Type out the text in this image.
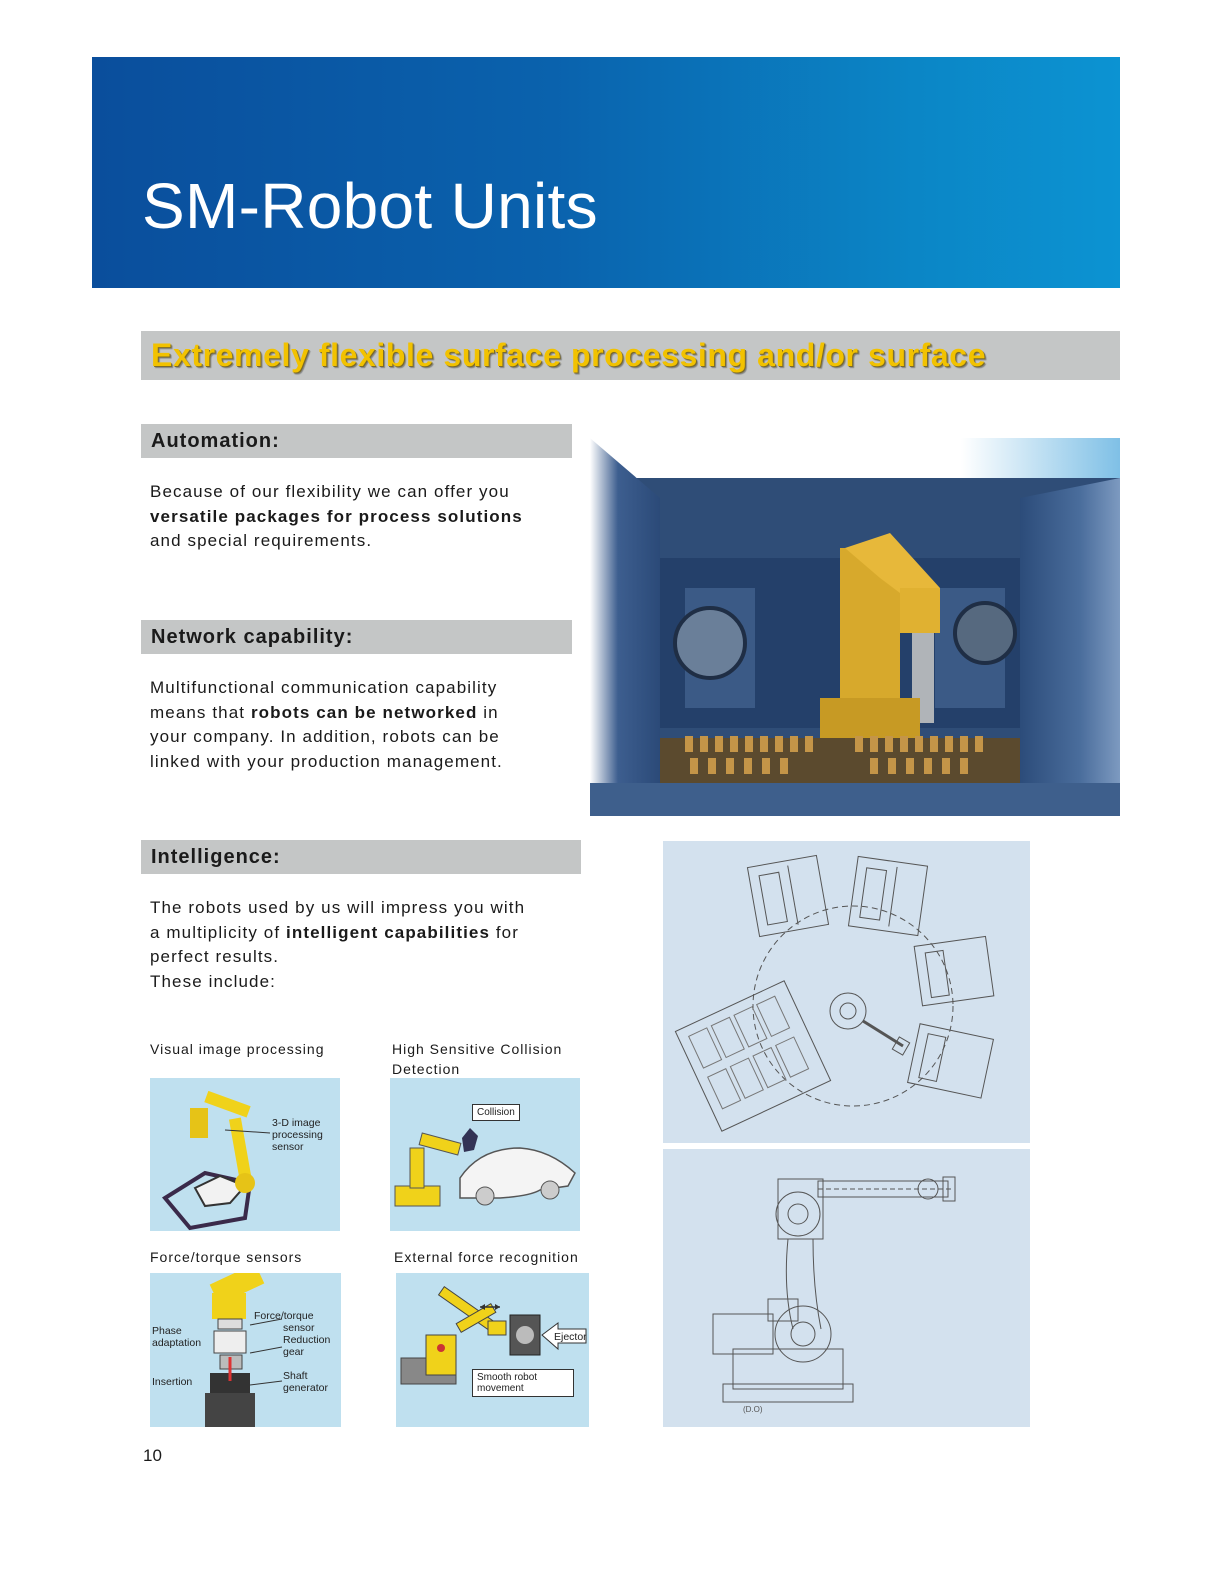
SM-Robot Units
Extremely flexible surface processing and/or surface
Automation:
Because of our flexibility we can offer you
versatile packages for process solutions
and special requirements.
Network capability:
Multifunctional communication capability
means that robots can be networked in
your company. In addition, robots can be
linked with your production management.
Intelligence:
The robots used by us will impress you with
a multiplicity of intelligent capabilities for
perfect results.
These include:
Visual image processing	High Sensitive Collision
Detection
Force/torque sensors	External force recognition
3-D image
processing
sensor
Collision
Phase
adaptation
Force/torque
sensor
Reduction
gear
Insertion	Shaft
generator
Ejector
Smooth robot
movement
(D.O)
10
